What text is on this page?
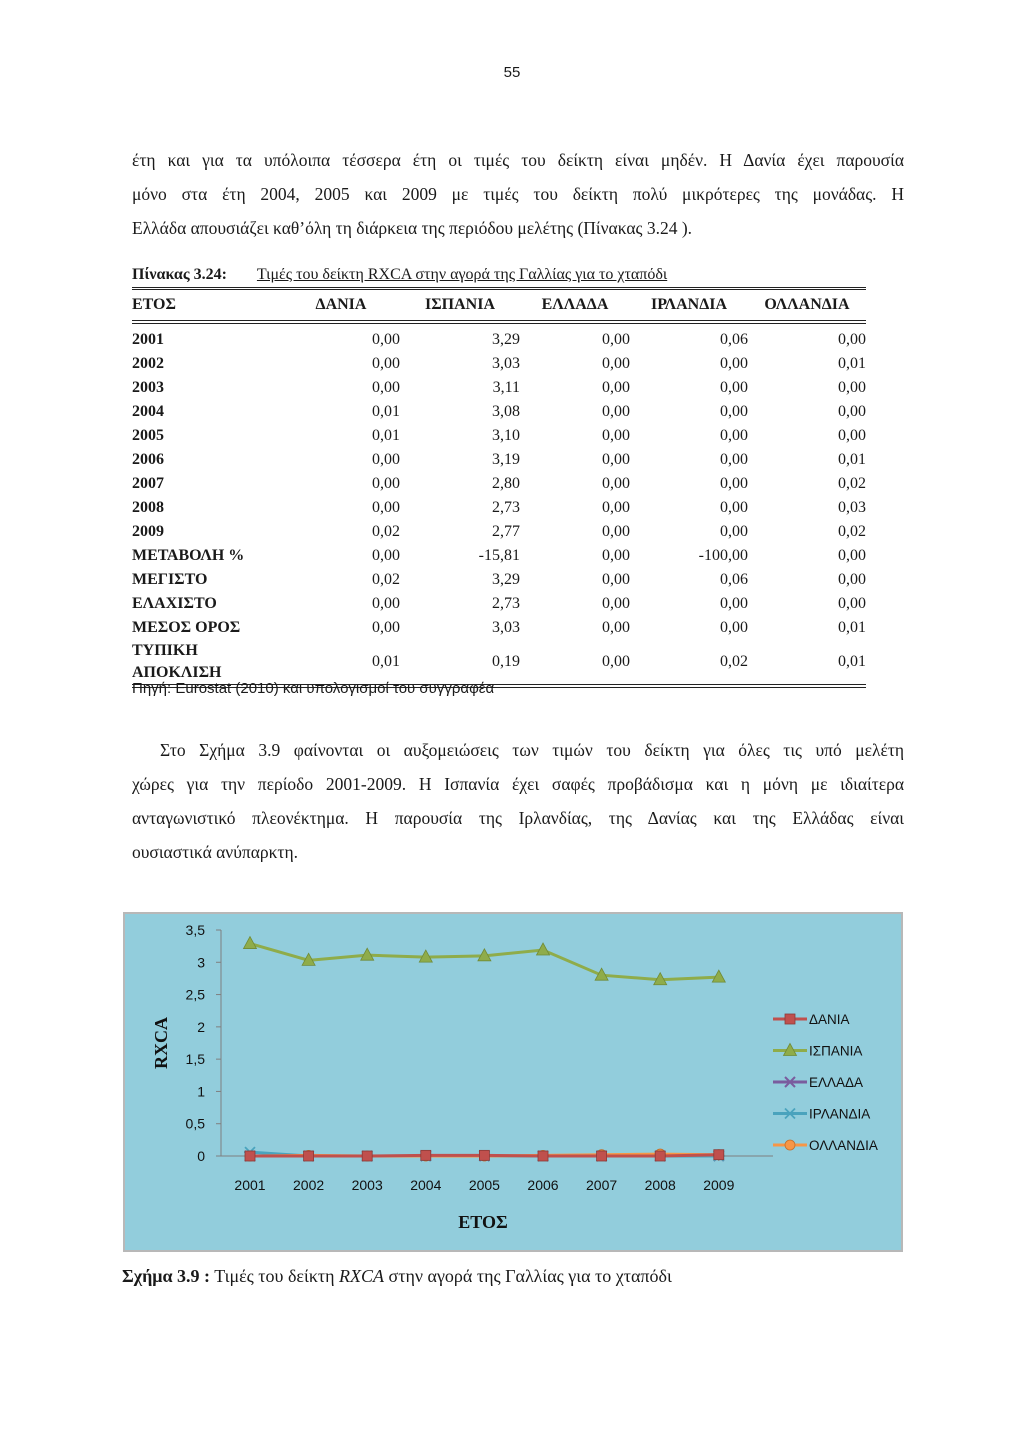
55
έτη και για τα υπόλοιπα τέσσερα έτη οι τιμές του δείκτη είναι μηδέν. Η Δανία έχει παρουσία
μόνο στα έτη 2004, 2005 και 2009 με τιμές του δείκτη πολύ μικρότερες της μονάδας. Η
Ελλάδα απουσιάζει καθ’όλη τη διάρκεια της περιόδου μελέτης (Πίνακας 3.24 ).
Πίνακας 3.24: Τιμές του δείκτη RXCA στην αγορά της Γαλλίας για το χταπόδι
ΕΤΟΣ	ΔΑΝΙΑ	ΙΣΠΑΝΙΑ	ΕΛΛΑΔΑ	ΙΡΛΑΝΔΙΑ	ΟΛΛΑΝΔΙΑ
2001	0,00	3,29	0,00	0,06	0,00
2002	0,00	3,03	0,00	0,00	0,01
2003	0,00	3,11	0,00	0,00	0,00
2004	0,01	3,08	0,00	0,00	0,00
2005	0,01	3,10	0,00	0,00	0,00
2006	0,00	3,19	0,00	0,00	0,01
2007	0,00	2,80	0,00	0,00	0,02
2008	0,00	2,73	0,00	0,00	0,03
2009	0,02	2,77	0,00	0,00	0,02
ΜΕΤΑΒΟΛΗ %	0,00	-15,81	0,00	-100,00	0,00
ΜΕΓΙΣΤΟ	0,02	3,29	0,00	0,06	0,00
ΕΛΑΧΙΣΤΟ	0,00	2,73	0,00	0,00	0,00
ΜΕΣΟΣ ΟΡΟΣ	0,00	3,03	0,00	0,00	0,01
ΤΥΠΙΚΗ
ΑΠΟΚΛΙΣΗ	0,01	0,19	0,00	0,02	0,01
Πηγή: Eurostat (2010) και υπολογισμοί του συγγραφέα
Στο Σχήμα 3.9 φαίνονται οι αυξομειώσεις των τιμών του δείκτη για όλες τις υπό μελέτη
χώρες για την περίοδο 2001-2009. Η Ισπανία έχει σαφές προβάδισμα και η μόνη με ιδιαίτερα
ανταγωνιστικό πλεονέκτημα. Η παρουσία της Ιρλανδίας, της Δανίας και της Ελλάδας είναι
ουσιαστικά ανύπαρκτη.
0
0,5
1
1,5
2
2,5
3
3,5
2001 2002 2003 2004 2005 2006 2007 2008 2009
ΕΤΟΣ
RXCA	ΔΑΝΙΑ
ΙΣΠΑΝΙΑ
ΕΛΛΑΔΑ
ΙΡΛΑΝΔΙΑ
ΟΛΛΑΝΔΙΑ
Σχήμα 3.9 : Τιμές του δείκτη RXCA στην αγορά της Γαλλίας για το χταπόδι
